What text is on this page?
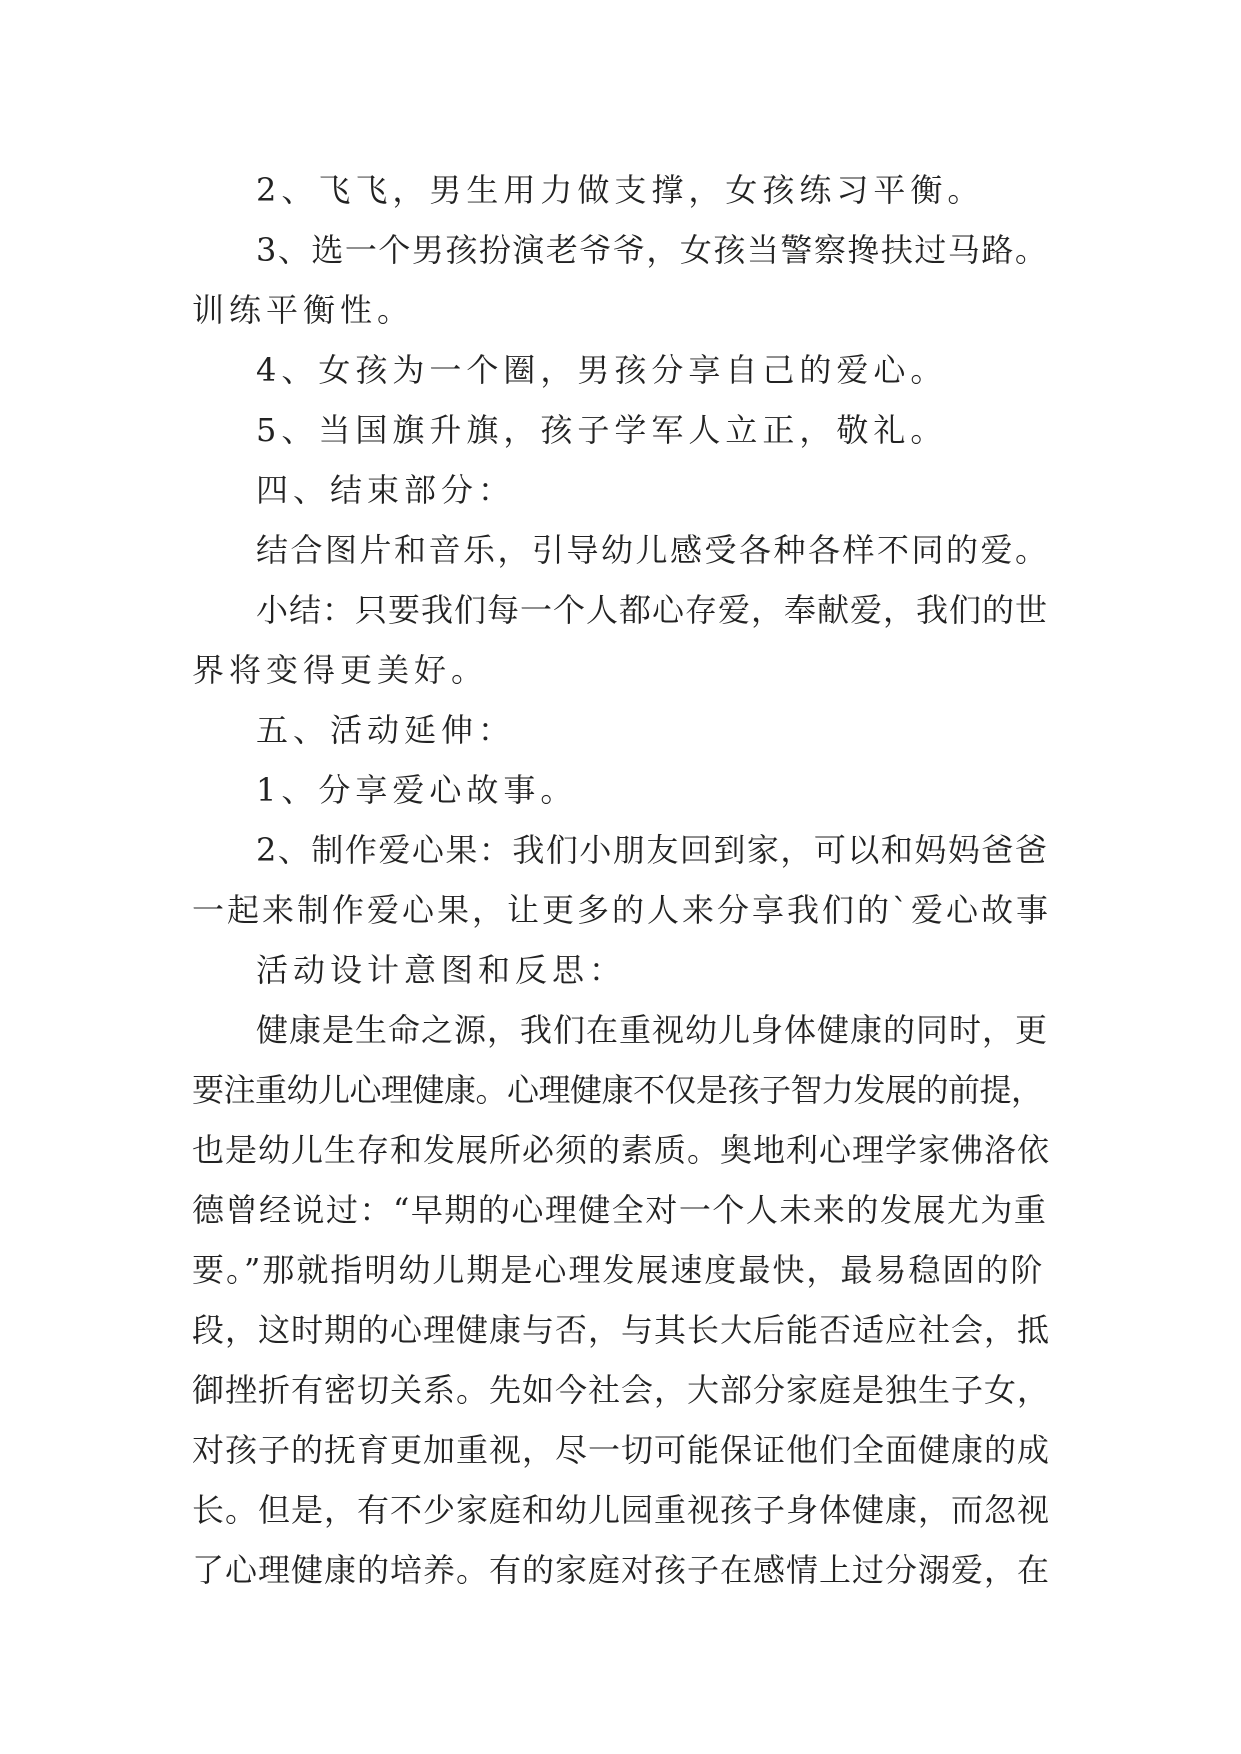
2、飞飞，男生用力做支撑，女孩练习平衡。
3、选一个男孩扮演老爷爷，女孩当警察搀扶过马路。
训练平衡性。
4、女孩为一个圈，男孩分享自己的爱心。
5、当国旗升旗，孩子学军人立正，敬礼。
四、结束部分：
结合图片和音乐，引导幼儿感受各种各样不同的爱。
小结：只要我们每一个人都心存爱，奉献爱，我们的世
界将变得更美好。
五、活动延伸：
1、分享爱心故事。
2、制作爱心果：我们小朋友回到家，可以和妈妈爸爸
一起来制作爱心果，让更多的人来分享我们的`爱心故事
活动设计意图和反思：
健康是生命之源，我们在重视幼儿身体健康的同时，更
要注重幼儿心理健康。心理健康不仅是孩子智力发展的前提，
也是幼儿生存和发展所必须的素质。奥地利心理学家佛洛依
德曾经说过：“早期的心理健全对一个人未来的发展尤为重
要。”那就指明幼儿期是心理发展速度最快，最易稳固的阶
段，这时期的心理健康与否，与其长大后能否适应社会，抵
御挫折有密切关系。先如今社会，大部分家庭是独生子女，
对孩子的抚育更加重视，尽一切可能保证他们全面健康的成
长。但是，有不少家庭和幼儿园重视孩子身体健康，而忽视
了心理健康的培养。有的家庭对孩子在感情上过分溺爱，在
